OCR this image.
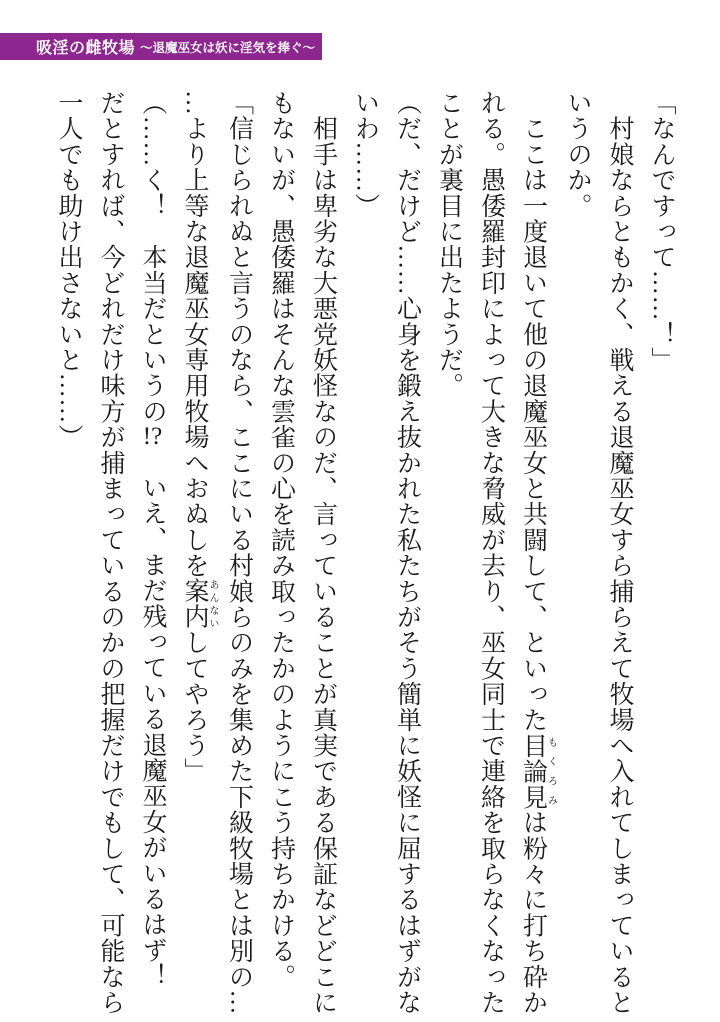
吸淫の雌牧場 ～退魔巫女は妖に淫気を捧ぐ～

「なんですって……！」

　村娘ならともかく、戦える退魔巫女すら捕らえて牧場へ入れてしまっていると

いうのか。

　ここは一度退いて他の退魔巫女と共闘して、といった目論見 もくろみは粉々に打ち砕か

れる。愚倭羅封印によって大きな脅威が去り、巫女同士で連絡を取らなくなった

ことが裏目に出たようだ。

（だ、だけど……心身を鍛え抜かれた私たちがそう簡単に妖怪に屈するはずがな

いわ……）

　相手は卑劣な大悪党妖怪なのだ、言っていることが真実である保証などどこに

もないが、愚倭羅はそんな雲雀の心を読み取ったかのようにこう持ちかける。

「信じられぬと言うのなら、ここにいる村娘らのみを集めた下級牧場とは別の…

…より上等な退魔巫女専用牧場へおぬしを案内 あんないしてやろう」

（……く！　本当だというの!?　いえ、まだ残っている退魔巫女がいるはず！

だとすれば、今どれだけ味方が捕まっているのかの把握だけでもして、可能なら

一人でも助け出さないと……）
